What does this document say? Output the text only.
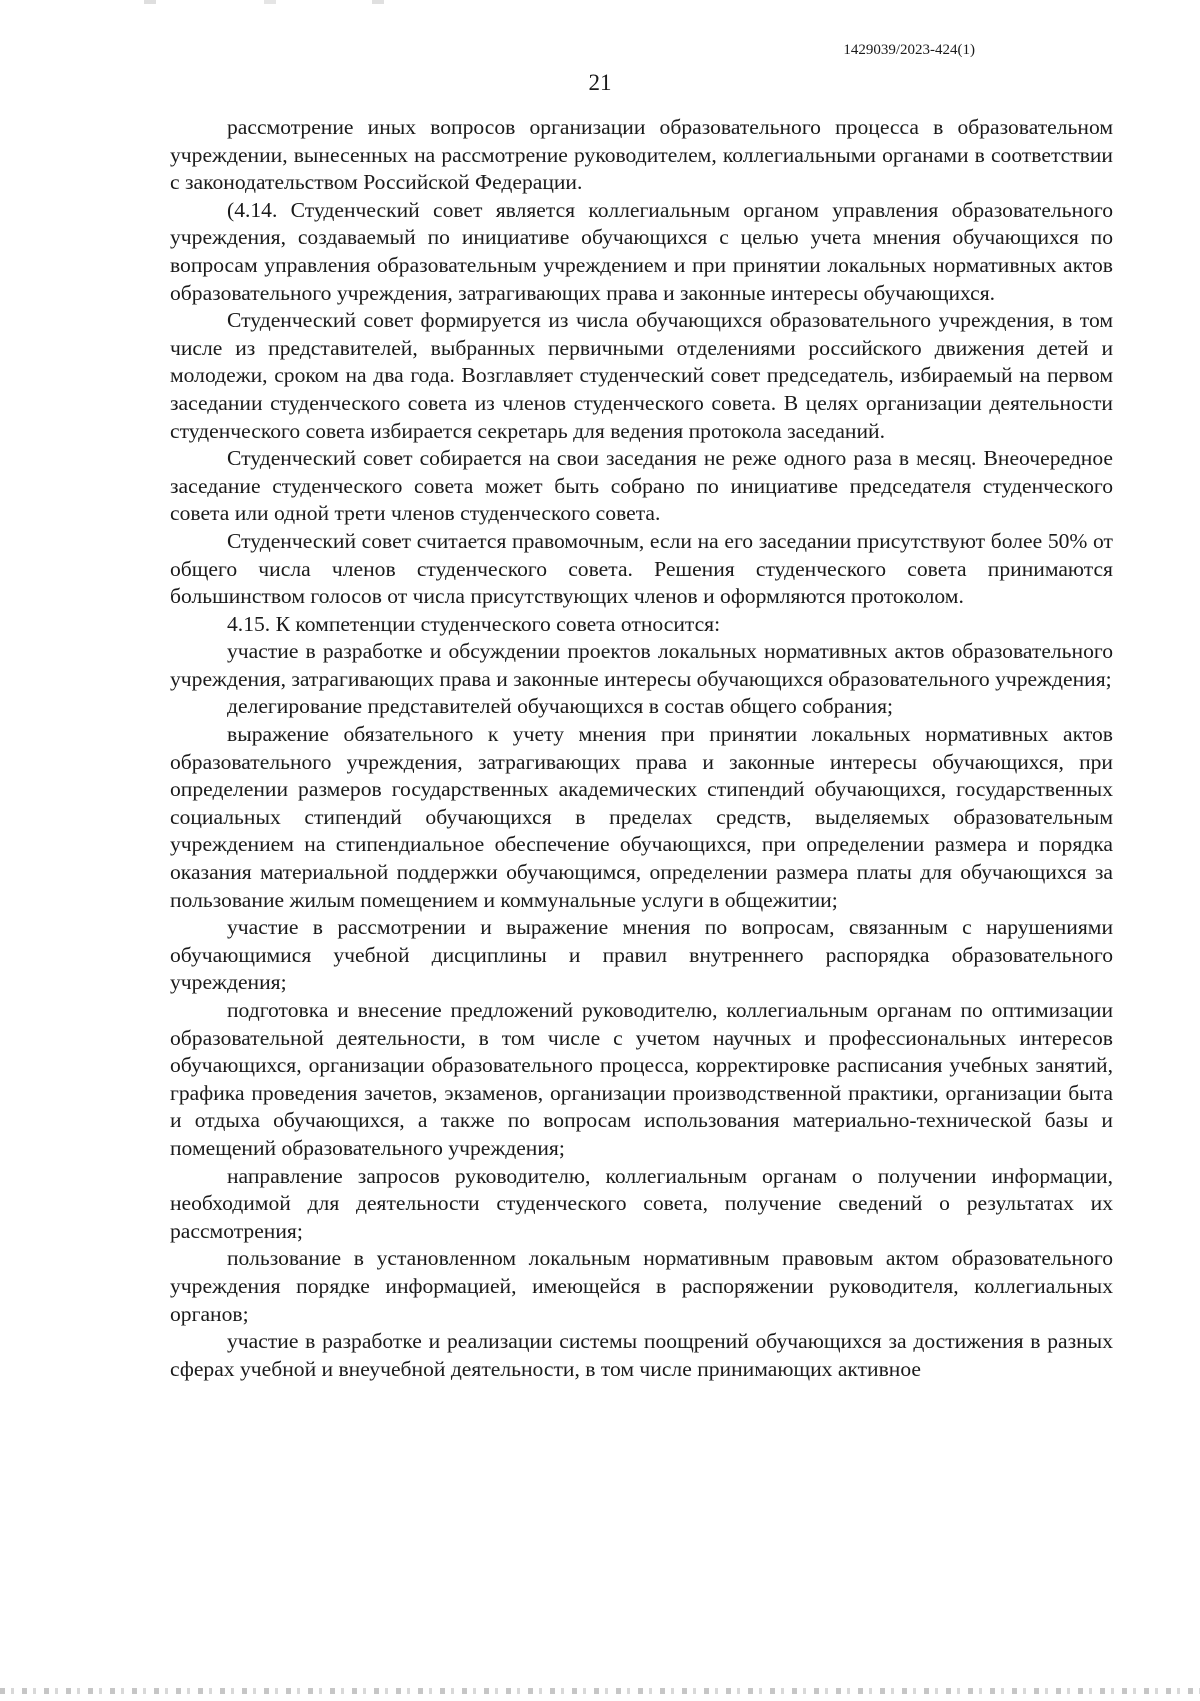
1429039/2023-424(1)
21

рассмотрение иных вопросов организации образовательного процесса в образовательном учреждении, вынесенных на рассмотрение руководителем, коллегиальными органами в соответствии с законодательством Российской Федерации.

(4.14. Студенческий совет является коллегиальным органом управления образовательного учреждения, создаваемый по инициативе обучающихся с целью учета мнения обучающихся по вопросам управления образовательным учреждением и при принятии локальных нормативных актов образовательного учреждения, затрагивающих права и законные интересы обучающихся.

Студенческий совет формируется из числа обучающихся образовательного учреждения, в том числе из представителей, выбранных первичными отделениями российского движения детей и молодежи, сроком на два года. Возглавляет студенческий совет председатель, избираемый на первом заседании студенческого совета из членов студенческого совета. В целях организации деятельности студенческого совета избирается секретарь для ведения протокола заседаний.

Студенческий совет собирается на свои заседания не реже одного раза в месяц. Внеочередное заседание студенческого совета может быть собрано по инициативе председателя студенческого совета или одной трети членов студенческого совета.

Студенческий совет считается правомочным, если на его заседании присутствуют более 50% от общего числа членов студенческого совета. Решения студенческого совета принимаются большинством голосов от числа присутствующих членов и оформляются протоколом.

4.15. К компетенции студенческого совета относится:

участие в разработке и обсуждении проектов локальных нормативных актов образовательного учреждения, затрагивающих права и законные интересы обучающихся образовательного учреждения;

делегирование представителей обучающихся в состав общего собрания;

выражение обязательного к учету мнения при принятии локальных нормативных актов образовательного учреждения, затрагивающих права и законные интересы обучающихся, при определении размеров государственных академических стипендий обучающихся, государственных социальных стипендий обучающихся в пределах средств, выделяемых образовательным учреждением на стипендиальное обеспечение обучающихся, при определении размера и порядка оказания материальной поддержки обучающимся, определении размера платы для обучающихся за пользование жилым помещением и коммунальные услуги в общежитии;

участие в рассмотрении и выражение мнения по вопросам, связанным с нарушениями обучающимися учебной дисциплины и правил внутреннего распорядка образовательного учреждения;

подготовка и внесение предложений руководителю, коллегиальным органам по оптимизации образовательной деятельности, в том числе с учетом научных и профессиональных интересов обучающихся, организации образовательного процесса, корректировке расписания учебных занятий, графика проведения зачетов, экзаменов, организации производственной практики, организации быта и отдыха обучающихся, а также по вопросам использования материально-технической базы и помещений образовательного учреждения;

направление запросов руководителю, коллегиальным органам о получении информации, необходимой для деятельности студенческого совета, получение сведений о результатах их рассмотрения;

пользование в установленном локальным нормативным правовым актом образовательного учреждения порядке информацией, имеющейся в распоряжении руководителя, коллегиальных органов;

участие в разработке и реализации системы поощрений обучающихся за достижения в разных сферах учебной и внеучебной деятельности, в том числе принимающих активное
